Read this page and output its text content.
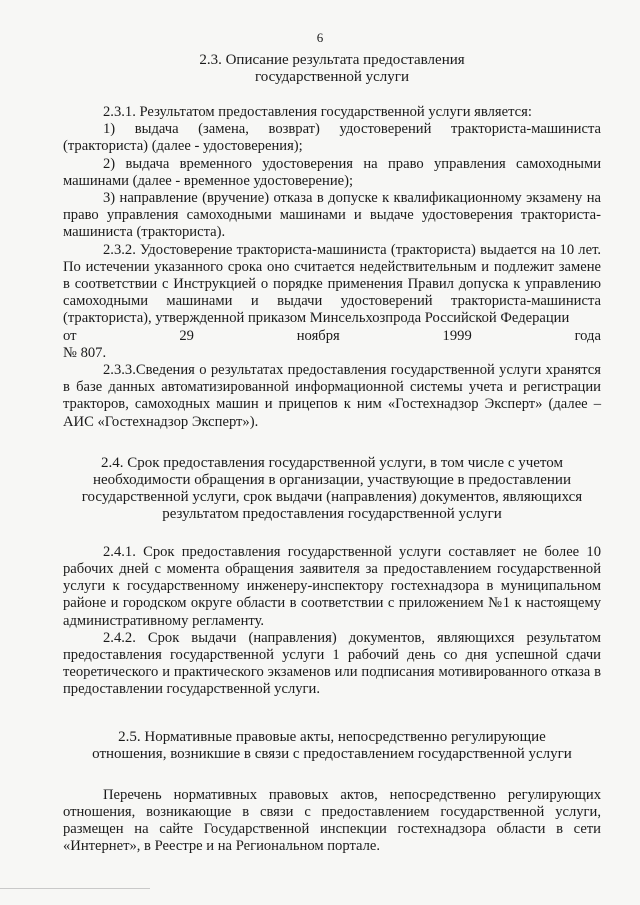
6
2.3. Описание результата предоставления
государственной услуги

2.3.1. Результатом предоставления государственной услуги является:

1) выдача (замена, возврат) удостоверений тракториста-машиниста (тракториста) (далее - удостоверения);

2) выдача временного удостоверения на право управления самоходными машинами (далее - временное удостоверение);

3) направление (вручение) отказа в допуске к квалификационному экзамену на право управления самоходными машинами и выдаче удостоверения тракториста-машиниста (тракториста).

2.3.2. Удостоверение тракториста-машиниста (тракториста) выдается на 10 лет. По истечении указанного срока оно считается недействительным и подлежит замене в соответствии с Инструкцией о порядке применения Правил допуска к управлению самоходными машинами и выдачи удостоверений тракториста-машиниста (тракториста), утвержденной приказом Минсельхозпрода Российской Федерации

от	29	ноября	1999	года

№ 807.

2.3.3.Сведения о результатах предоставления государственной услуги хранятся в базе данных автоматизированной информационной системы учета и регистрации тракторов, самоходных машин и прицепов к ним «Гостехнадзор Эксперт» (далее – АИС «Гостехнадзор Эксперт»).

2.4. Срок предоставления государственной услуги, в том числе с учетом
необходимости обращения в организации, участвующие в предоставлении
государственной услуги, срок выдачи (направления) документов, являющихся
результатом предоставления государственной услуги

2.4.1. Срок предоставления государственной услуги составляет не более 10 рабочих дней с момента обращения заявителя за предоставлением государственной услуги к государственному инженеру-инспектору гостехнадзора в муниципальном районе и городском округе области в соответствии с приложением №1 к настоящему административному регламенту.

2.4.2. Срок выдачи (направления) документов, являющихся результатом предоставления государственной услуги 1 рабочий день со дня успешной сдачи теоретического и практического экзаменов или подписания мотивированного отказа в предоставлении государственной услуги.

2.5. Нормативные правовые акты, непосредственно регулирующие
отношения, возникшие в связи с предоставлением государственной услуги

Перечень нормативных правовых актов, непосредственно регулирующих отношения, возникающие в связи с предоставлением государственной услуги, размещен на сайте Государственной инспекции гостехнадзора области в сети «Интернет», в Реестре и на Региональном портале.
